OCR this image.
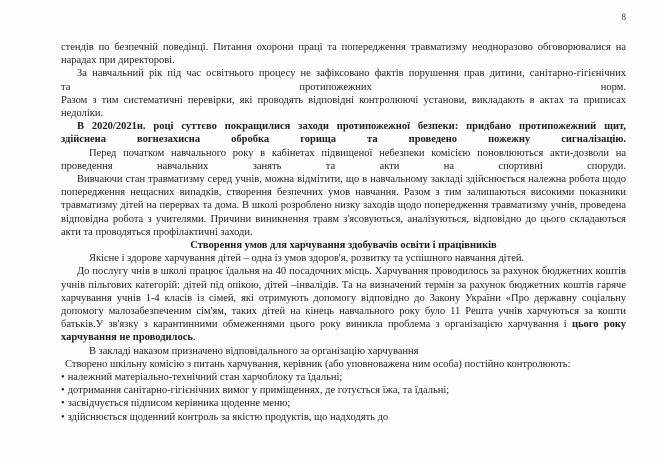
8
стендів по безпечній поведінці. Питання охорони праці та попередження травматизму неодноразово обговорювалися на нарадах при директорові.
За навчальний рік під час освітнього процесу не зафіксовано фактів порушення прав дитини, санітарно-гігієнічних
та	протипожежних	норм.
Разом з тим систематичні перевірки, які проводять відповідні контролюючі установи, викладають в актах та приписах недоліки.
В 2020/2021н. році суттєво покращилися заходи протипожежної безпеки: придбано протипожежний щит,
здійснена	вогнезахисна	обробка	горища	та	проведено	пожежну	сигналізацію.
Перед початком навчального року в кабінетах підвищеної небезпеки комісією поновлюються акти-дозволи на
проведення	навчальних	занять	та	акти	на	спортивні	споруди.
Вивчаючи стан травматизму серед учнів, можна відмітити, що в навчальному закладі здійснюється належна робота щодо попередження нещасних випадків, створення безпечних умов навчання. Разом з тим залишаються високими показники травматизму дітей на перервах та дома. В школі розроблено низку заходів щодо попередження травматизму учнів, проведена відповідна робота з учителями. Причини виникнення травм з'ясовуються, аналізуються, відповідно до цього складаються акти та проводяться профілактичні заходи.
Створення умов для харчування здобувачів освіти і працівників
Якісне і здорове харчування дітей – одна із умов здоров'я, розвитку та успішного навчання дітей.
До послугу чнів в школі працює їдальня на 40 посадочних місць. Харчування проводилось за рахунок бюджетних коштів учнів пільгових категорій: дітей під опікою, дітей –інвалідів. Та на визначений термін за рахунок бюджетних коштів гаряче харчування учнів 1-4 класів із сімей, які отримують допомогу відповідно до Закону України «Про державну соціальну допомогу малозабезпеченим сім'ям, таких дітей на кінець навчального року було 11 Решта учнів харчуються за кошти батьків.У зв'язку з карантинними обмеженнями цього року виникла проблема з організацією харчування і цього року харчування не проводилось.
В закладі наказом призначено відповідального за організацію харчування
Створено шкільну комісію з питань харчування, керівник (або уповноважена ним особа) постійно контролюють:
• належний матеріально-технічний стан харчоблоку та їдальні;
• дотримання санітарно-гігієнічних вимог у приміщеннях, де готується їжа, та їдальні;
• засвідчується підписом керівника щоденне меню;
• здійснюється щоденний контроль за якістю продуктів, що надходять до
